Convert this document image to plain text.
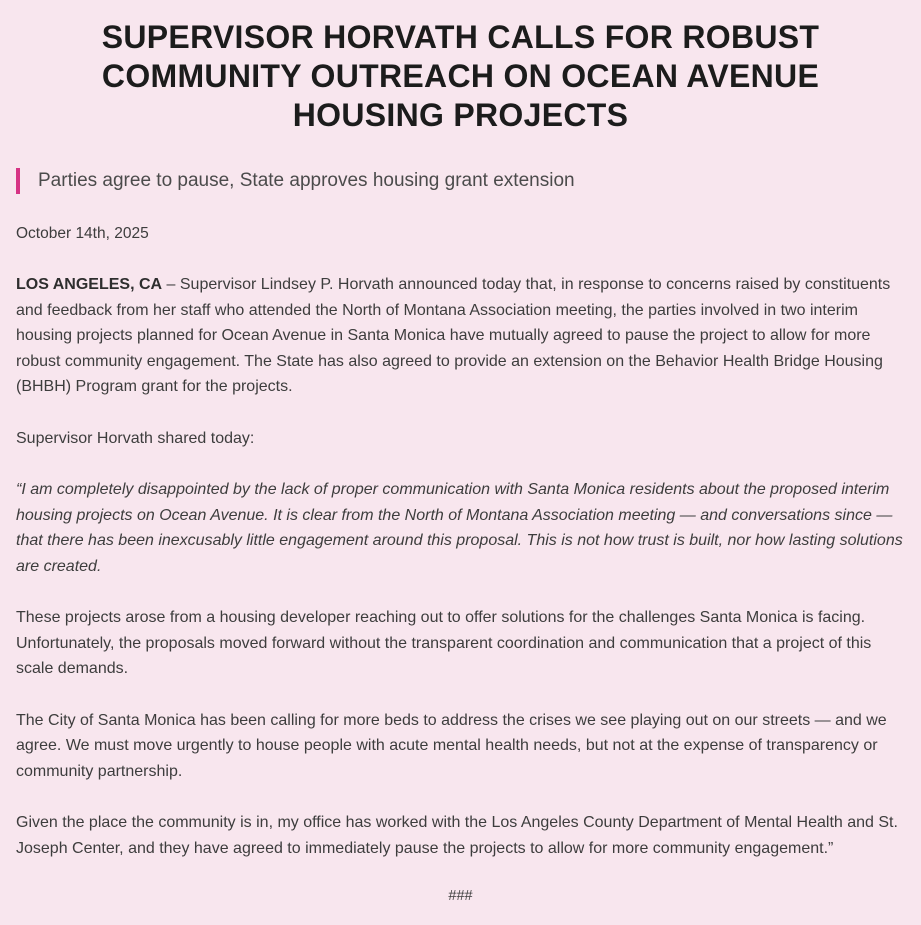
SUPERVISOR HORVATH CALLS FOR ROBUST COMMUNITY OUTREACH ON OCEAN AVENUE HOUSING PROJECTS
Parties agree to pause, State approves housing grant extension

October 14th, 2025

LOS ANGELES, CA – Supervisor Lindsey P. Horvath announced today that, in response to concerns raised by constituents and feedback from her staff who attended the North of Montana Association meeting, the parties involved in two interim housing projects planned for Ocean Avenue in Santa Monica have mutually agreed to pause the project to allow for more robust community engagement. The State has also agreed to provide an extension on the Behavior Health Bridge Housing (BHBH) Program grant for the projects.

Supervisor Horvath shared today:

“I am completely disappointed by the lack of proper communication with Santa Monica residents about the proposed interim housing projects on Ocean Avenue. It is clear from the North of Montana Association meeting — and conversations since — that there has been inexcusably little engagement around this proposal. This is not how trust is built, nor how lasting solutions are created.

These projects arose from a housing developer reaching out to offer solutions for the challenges Santa Monica is facing. Unfortunately, the proposals moved forward without the transparent coordination and communication that a project of this scale demands.

The City of Santa Monica has been calling for more beds to address the crises we see playing out on our streets — and we agree. We must move urgently to house people with acute mental health needs, but not at the expense of transparency or community partnership.

Given the place the community is in, my office has worked with the Los Angeles County Department of Mental Health and St. Joseph Center, and they have agreed to immediately pause the projects to allow for more community engagement.”

###
